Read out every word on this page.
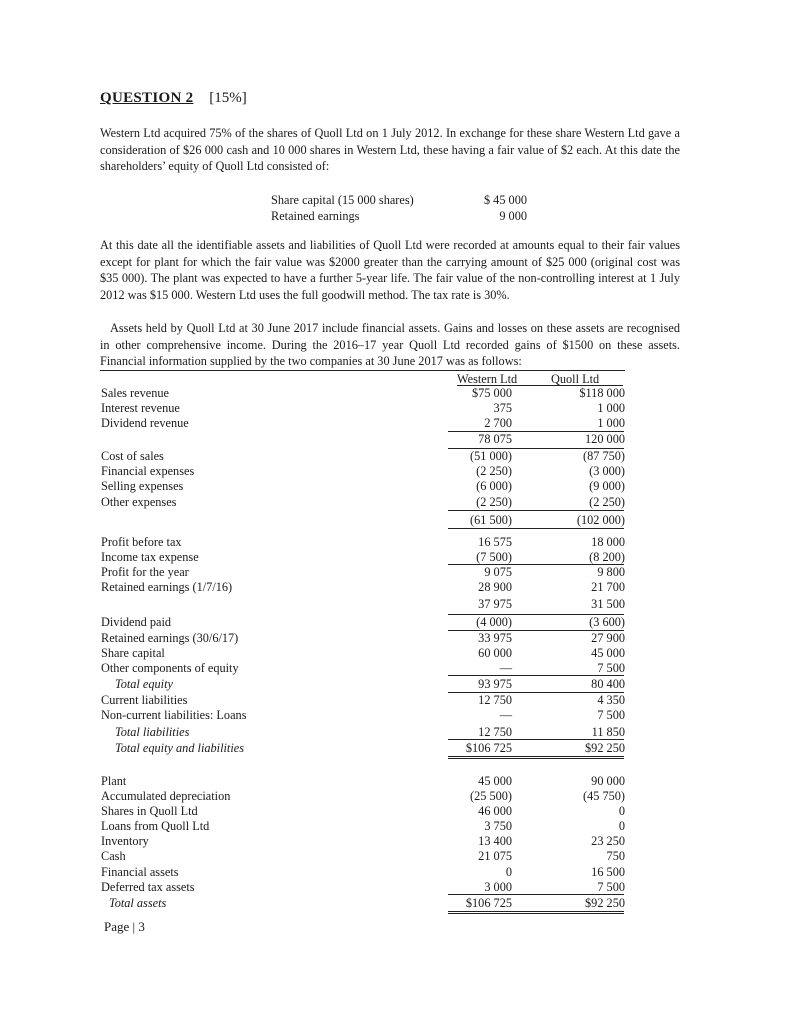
QUESTION 2 [15%]
Western Ltd acquired 75% of the shares of Quoll Ltd on 1 July 2012. In exchange for these share Western Ltd gave a consideration of $26 000 cash and 10 000 shares in Western Ltd, these having a fair value of $2 each. At this date the shareholders’ equity of Quoll Ltd consisted of:
Share capital (15 000 shares)	$ 45 000
Retained earnings	9 000
At this date all the identifiable assets and liabilities of Quoll Ltd were recorded at amounts equal to their fair values except for plant for which the fair value was $2000 greater than the carrying amount of $25 000 (original cost was $35 000). The plant was expected to have a further 5-year life. The fair value of the non-controlling interest at 1 July 2012 was $15 000. Western Ltd uses the full goodwill method. The tax rate is 30%.
Assets held by Quoll Ltd at 30 June 2017 include financial assets. Gains and losses on these assets are recognised in other comprehensive income. During the 2016–17 year Quoll Ltd recorded gains of $1500 on these assets. Financial information supplied by the two companies at 30 June 2017 was as follows:
Western Ltd	Quoll Ltd
Sales revenue	$75 000	$118 000
Interest revenue	375	1 000
Dividend revenue	2 700	1 000
78 075	120 000
Cost of sales	(51 000)	(87 750)
Financial expenses	(2 250)	(3 000)
Selling expenses	(6 000)	(9 000)
Other expenses	(2 250)	(2 250)
(61 500)	(102 000)
Profit before tax	16 575	18 000
Income tax expense	(7 500)	(8 200)
Profit for the year	9 075	9 800
Retained earnings (1/7/16)	28 900	21 700
37 975	31 500
Dividend paid	(4 000)	(3 600)
Retained earnings (30/6/17)	33 975	27 900
Share capital	60 000	45 000
Other components of equity	—	7 500
Total equity	93 975	80 400
Current liabilities	12 750	4 350
Non-current liabilities: Loans	—	7 500
Total liabilities	12 750	11 850
Total equity and liabilities	$106 725	$92 250
Plant	45 000	90 000
Accumulated depreciation	(25 500)	(45 750)
Shares in Quoll Ltd	46 000	0
Loans from Quoll Ltd	3 750	0
Inventory	13 400	23 250
Cash	21 075	750
Financial assets	0	16 500
Deferred tax assets	3 000	7 500
Total assets	$106 725	$92 250
Page | 3
